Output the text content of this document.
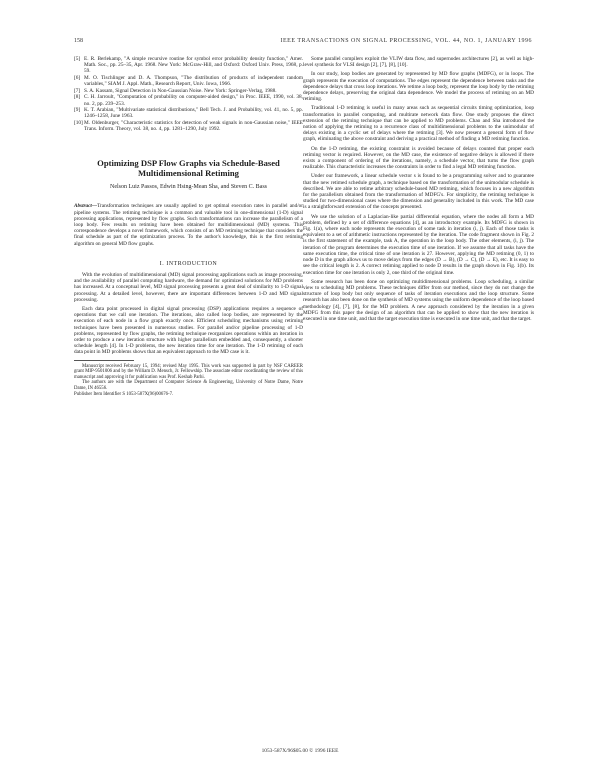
158	IEEE TRANSACTIONS ON SIGNAL PROCESSING, VOL. 44, NO. 1, JANUARY 1996
[5] E. R. Berlekamp, "A simple recursive routine for symbol error probability density function," Amer. Math. Soc., pp. 25–35, Apr. 1968. New York: McGraw-Hill, and Oxford: Oxford Univ. Press, 1968, p. 59.
[6] M. O. Tischlinger and D. A. Thompson, "The distribution of products of independent random variables," SIAM J. Appl. Math., Research Report, Univ. Iowa, 1966.
[7] S. A. Kassam, Signal Detection in Non-Gaussian Noise. New York: Springer-Verlag, 1988.
[8] C. H. Jarroult, "Computation of probability on computer-aided design," in Proc. IEEE, 1990, vol. 38, no. 2, pp. 239–253.
[9] K. T. Arabian, "Multivariate statistical distributions," Bell Tech. J. and Probability, vol. 41, no. 5, pp. 1246–1258, June 1963.
[10] M. Oldenburger, "Characteristic statistics for detection of weak signals in non-Gaussian noise," IEEE Trans. Inform. Theory, vol. 38, no. 4, pp. 1281–1290, July 1992.
Optimizing DSP Flow Graphs via Schedule-Based Multidimensional Retiming
Nelson Luiz Passos, Edwin Hsing-Mean Sha, and Steven C. Bass
Abstract—Transformation techniques are usually applied to get optimal execution rates in parallel and/or pipeline systems. The retiming technique is a common and valuable tool in one-dimensional (1-D) signal processing applications, represented by flow graphs. Such transformations can increase the parallelism of a loop body. Few results on retiming have been obtained for multidimensional (MD) systems. This correspondence develops a novel framework, which consists of an MD retiming technique that considers the final schedule as part of the optimization process. To the author's knowledge, this is the first retiming algorithm on general MD flow graphs.
I. INTRODUCTION

With the evolution of multidimensional (MD) signal processing applications such as image processing, and the availability of parallel computing hardware, the demand for optimized solutions for MD problems has increased. At a conceptual level, MD signal processing presents a great deal of similarity to 1-D signal processing. At a detailed level, however, there are important differences between 1-D and MD signal processing.

Each data point processed in digital signal processing (DSP) applications requires a sequence of operations that we call one iteration. The iterations, also called loop bodies, are represented by the execution of each node in a flow graph exactly once. Efficient scheduling mechanisms using retiming techniques have been presented in numerous studies. For parallel and/or pipeline processing of 1-D problems, represented by flow graphs, the retiming technique reorganizes operations within an iteration in order to produce a new iteration structure with higher parallelism embedded and, consequently, a shorter schedule length [4]. In 1-D problems, the new iteration time for one iteration. The 1-D retiming of each data point in MD problems shows that an equivalent approach to the MD case is it.

Manuscript received February 15, 1994; revised May 1995. This work was supported in part by NSF CAREER grant MIP-9501006 and by the William D. Mensch, Jr. Fellowship. The associate editor coordinating the review of this manuscript and approving it for publication was Prof. Keshab Parhi.
The authors are with the Department of Computer Science & Engineering, University of Notre Dame, Notre Dame, IN 46556.
Publisher Item Identifier S 1053-587X(96)00676-7.

Some parallel compilers exploit the VLIW data flow, and supernodes architectures [2], as well as high-level synthesis for VLSI design [2], [7], [8], [10].

In our study, loop bodies are generated by represented by MD flow graphs (MDFG), or in loops. The graph represents the execution of computations. The edges represent the dependence between tasks and the dependence delays that cross loop iterations. We retime a loop body, represent the loop body by the retiming dependence delays, preserving the original data dependence. We model the process of retiming on an MD retiming.

Traditional 1-D retiming is useful in many areas such as sequential circuits timing optimization, loop transformation in parallel computing, and multirate network data flow. One study proposes the direct extension of the retiming technique that can be applied to MD problems. Chao and Sha introduced the notion of applying the retiming to a recurrence class of multidimensional problems to the unimodular of delays existing in a cyclic set of delays where the retiming [3]. We now present a general form of flow graph, eliminating the above constraint and deriving a practical method of finding a MD retiming function.

On the 1-D retiming, the existing constraint is avoided because of delays counted that proper each retiming vector is required. However, on the MD case, the existence of negative delays is allowed if there exists a component of ordering of the iterations, namely, a schedule vector, that turns the flow graph realizable. This characteristic increases the constraints in order to find a legal MD retiming function.

Under our framework, a linear schedule vector s is found to be a programming solver and to guarantee that the new retimed schedule graph, a technique based on the transformation of the unimodular schedule is described. We are able to retime arbitrary schedule-based MD retiming, which focuses in a new algorithm for the parallelism obtained from the transformation of MDFG's. For simplicity, the retiming technique is studied for two-dimensional cases where the dimension and generality included in this work. The MD case is a straightforward extension of the concepts presented.

We use the solution of a Laplacian-like partial differential equation, where the nodes all form a MD problem, defined by a set of difference equations [4], as an introductory example. Its MDFG is shown in Fig. 1(a), where each node represents the execution of some task in iteration (i, j). Each of those tasks is equivalent to a set of arithmetic instructions represented by the iteration. The code fragment shown in Fig. 2 is the first statement of the example, task A, the operation in the loop body. The other elements, (i, j). The iteration of the program determines the execution time of one iteration. If we assume that all tasks have the same execution time, the critical time of one iteration is 27. However, applying the MD retiming (0, 1) to node D in the graph allows us to move delays from the edges (D → B), (D → C), (D → E), etc. It is easy to see the critical length is 2. A correct retiming applied to node D results in the graph shown in Fig. 1(b). Its execution time for one iteration is only 2, one third of the original time.

Some research has been done on optimizing multidimensional problems. Loop scheduling, a similar view to scheduling MD problems. These techniques differ from our method, since they do not change the structure of loop body but only sequence of tasks of iteration executions and the loop structure. Some research has also been done on the synthesis of MD systems using the uniform dependence of the loop based methodology [4], [7], [8], for the MD problem. A new approach considered by the iteration in a given MDFG from this paper the design of an algorithm that can be applied to show that the new iteration is executed in one time unit, and that the target execution time is executed in one time unit, and that the target.

1053-587X/96$05.00 © 1996 IEEE
